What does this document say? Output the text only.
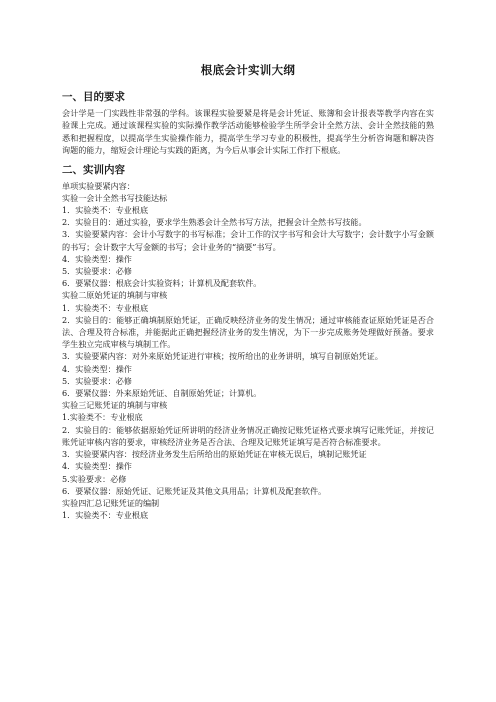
根底会计实训大纲
一、目的要求

会计学是一门实践性非常强的学科。该课程实验要紧是将是会计凭证、账簿和会计报表等教学内容在实验课上完成。通过该课程实验的实际操作教学活动能够检验学生所学会计全然方法、会计全然技能的熟悉和把握程度，以提高学生实验操作能力，提高学生学习专业的积极性，提高学生分析咨询题和解决咨询题的能力，缩短会计理论与实践的距离，为今后从事会计实际工作打下根底。

二、实训内容

单项实验要紧内容：

实验一会计全然书写技能达标

1．实验类不：专业根底

2．实验目的：通过实验，要求学生熟悉会计全然书写方法，把握会计全然书写技能。

3．实验要紧内容：会计小写数字的书写标准；会计工作的汉字书写和会计大写数字；会计数字小写金额的书写；会计数字大写金额的书写；会计业务的“摘要”书写。

4．实验类型：操作

5．实验要求：必修

6．要紧仪器：根底会计实验资料；计算机及配套软件。

实验二原始凭证的填制与审核

1．实验类不：专业根底

2．实验目的：能够正确填制原始凭证，正确反映经济业务的发生情况；通过审核能查证原始凭证是否合法、合理及符合标准，并能据此正确把握经济业务的发生情况，为下一步完成账务处理做好预备。要求学生独立完成审核与填制工作。

3．实验要紧内容：对外来原始凭证进行审核；按所给出的业务讲明，填写自制原始凭证。

4．实验类型：操作

5．实验要求：必修

6．要紧仪器：外来原始凭证、自制原始凭证；计算机。

实验三记账凭证的填制与审核

1.实验类不：专业根底

2．实验目的：能够依据原始凭证所讲明的经济业务情况正确按记账凭证格式要求填写记账凭证，并按记账凭证审核内容的要求，审核经济业务是否合法、合理及记账凭证填写是否符合标准要求。

3．实验要紧内容：按经济业务发生后所给出的原始凭证在审核无误后，填制记账凭证

4．实验类型：操作

5.实验要求：必修

6．要紧仪器：原始凭证、记账凭证及其他文具用品；计算机及配套软件。

实验四汇总记账凭证的编制

1．实验类不：专业根底
